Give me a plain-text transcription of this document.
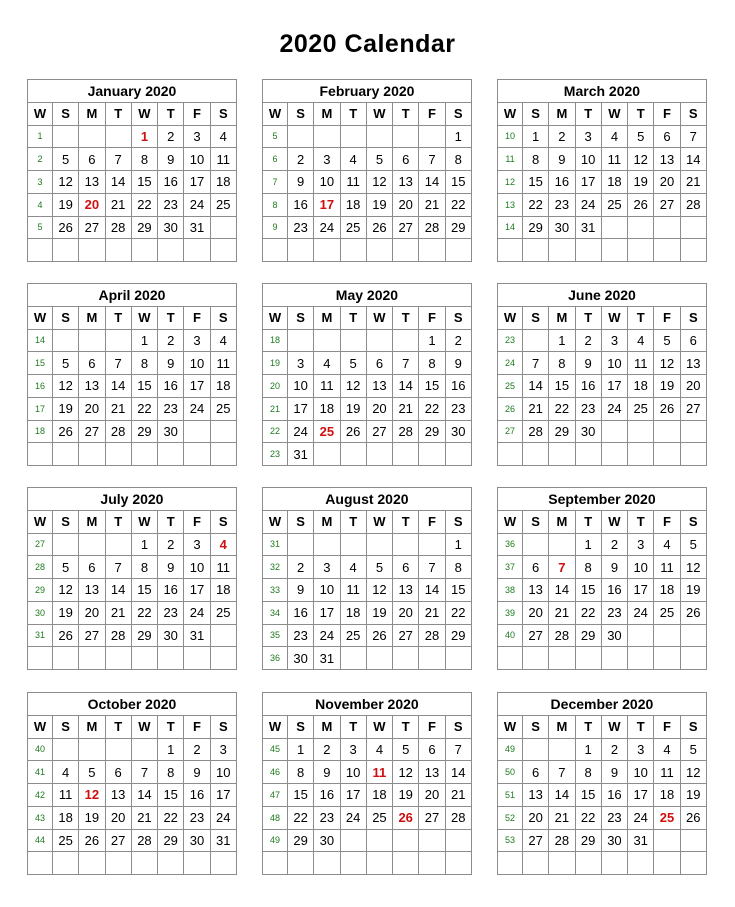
2020 Calendar
January 2020							
W	S	M	T	W	T	F	S
1				1	2	3	4
2	5	6	7	8	9	10	11
3	12	13	14	15	16	17	18
4	19	20	21	22	23	24	25
5	26	27	28	29	30	31	

February 2020							
W	S	M	T	W	T	F	S
5							1
6	2	3	4	5	6	7	8
7	9	10	11	12	13	14	15
8	16	17	18	19	20	21	22
9	23	24	25	26	27	28	29

March 2020							
W	S	M	T	W	T	F	S
10	1	2	3	4	5	6	7
11	8	9	10	11	12	13	14
12	15	16	17	18	19	20	21
13	22	23	24	25	26	27	28
14	29	30	31				

April 2020							
W	S	M	T	W	T	F	S
14				1	2	3	4
15	5	6	7	8	9	10	11
16	12	13	14	15	16	17	18
17	19	20	21	22	23	24	25
18	26	27	28	29	30		

May 2020							
W	S	M	T	W	T	F	S
18						1	2
19	3	4	5	6	7	8	9
20	10	11	12	13	14	15	16
21	17	18	19	20	21	22	23
22	24	25	26	27	28	29	30
23	31						
June 2020							
W	S	M	T	W	T	F	S
23		1	2	3	4	5	6
24	7	8	9	10	11	12	13
25	14	15	16	17	18	19	20
26	21	22	23	24	25	26	27
27	28	29	30				

July 2020							
W	S	M	T	W	T	F	S
27				1	2	3	4
28	5	6	7	8	9	10	11
29	12	13	14	15	16	17	18
30	19	20	21	22	23	24	25
31	26	27	28	29	30	31	

August 2020							
W	S	M	T	W	T	F	S
31							1
32	2	3	4	5	6	7	8
33	9	10	11	12	13	14	15
34	16	17	18	19	20	21	22
35	23	24	25	26	27	28	29
36	30	31					
September 2020							
W	S	M	T	W	T	F	S
36			1	2	3	4	5
37	6	7	8	9	10	11	12
38	13	14	15	16	17	18	19
39	20	21	22	23	24	25	26
40	27	28	29	30			

October 2020							
W	S	M	T	W	T	F	S
40					1	2	3
41	4	5	6	7	8	9	10
42	11	12	13	14	15	16	17
43	18	19	20	21	22	23	24
44	25	26	27	28	29	30	31

November 2020							
W	S	M	T	W	T	F	S
45	1	2	3	4	5	6	7
46	8	9	10	11	12	13	14
47	15	16	17	18	19	20	21
48	22	23	24	25	26	27	28
49	29	30					

December 2020							
W	S	M	T	W	T	F	S
49			1	2	3	4	5
50	6	7	8	9	10	11	12
51	13	14	15	16	17	18	19
52	20	21	22	23	24	25	26
53	27	28	29	30	31		
